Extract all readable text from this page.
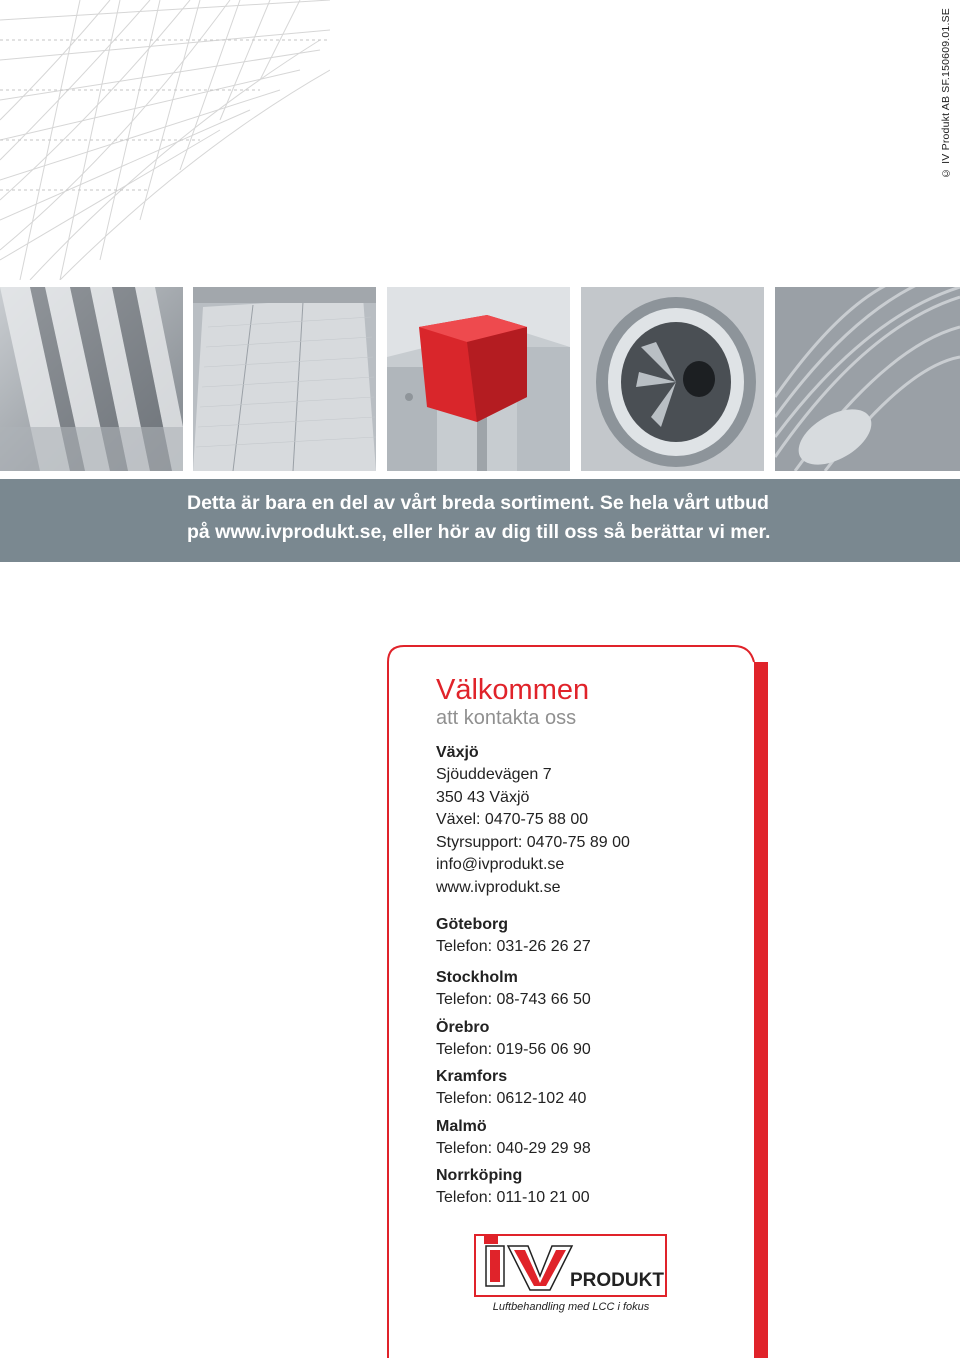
© IV Produkt AB SF.150609.01.SE
Detta är bara en del av vårt breda sortiment. Se hela vårt utbud
på www.ivprodukt.se, eller hör av dig till oss så berättar vi mer.
Välkommen
att kontakta oss
Växjö
Sjöuddevägen 7
350 43 Växjö
Växel: 0470-75 88 00
Styrsupport: 0470-75 89 00
info@ivprodukt.se
www.ivprodukt.se
Göteborg
Telefon: 031-26 26 27
Stockholm
Telefon: 08-743 66 50
Örebro
Telefon: 019-56 06 90
Kramfors
Telefon: 0612-102 40
Malmö
Telefon: 040-29 29 98
Norrköping
Telefon: 011-10 21 00
PRODUKT
Luftbehandling med LCC i fokus
